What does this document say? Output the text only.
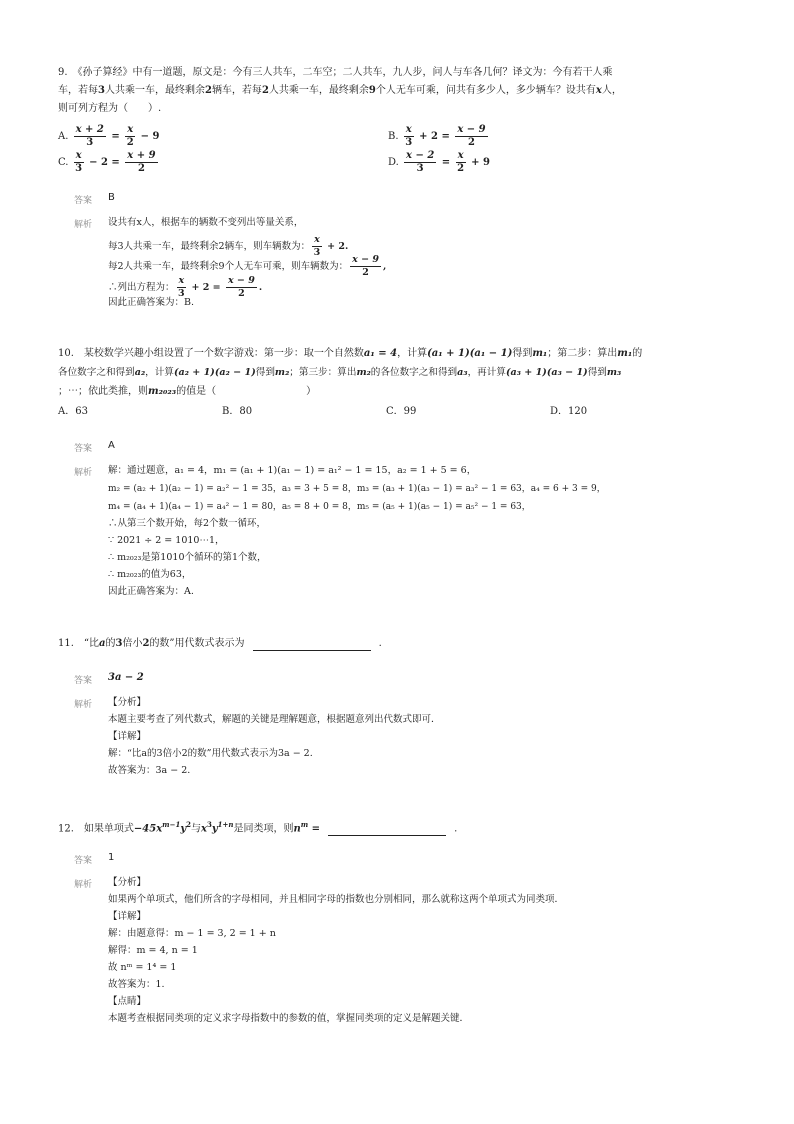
9.　《孙子算经》中有一道题，原文是：今有三人共车，二车空；二人共车，九人步，问人与车各几何？译文为：今有若干人乘
车，若每3人共乘一车，最终剩余2辆车，若每2人共乘一车，最终剩余9个人无车可乘，问共有多少人，多少辆车？设共有x人，
则可列方程为（　　）.
A. $\frac{x + 2}{3} = \frac{x}{2} - 9$	B. $\frac{x}{3} + 2 = \frac{x - 9}{2}$
C. $\frac{x}{3} - 2 = \frac{x + 9}{2}$	D. $\frac{x - 2}{3} = \frac{x}{2} + 9$
答案 B
解析 设共有x人，根据车的辆数不变列出等量关系，
每3人共乘一车，最终剩余2辆车，则车辆数为： $\frac{x}{3} + 2$.
每2人共乘一车，最终剩余9个人无车可乘，则车辆数为： $\frac{x - 9}{2}$ ,
∴列出方程为： $\frac{x}{3} + 2 = \frac{x - 9}{2}$ .
因此正确答案为：B.
10.　某校数学兴趣小组设置了一个数字游戏：第一步：取一个自然数a₁ = 4，计算(a₁ + 1)(a₁ − 1)得到m₁；第二步：算出m₁的
各位数字之和得到a₂，计算(a₂ + 1)(a₂ − 1)得到m₂；第三步：算出m₂的各位数字之和得到a₃，再计算(a₃ + 1)(a₃ − 1)得到m₃
；⋯；依此类推，则m₂₀₂₃的值是（　　　　　　　　　）
A．63	B．80	C．99	D．120
答案 A
解析 解：通过题意，a₁ = 4，m₁ = (a₁ + 1)(a₁ − 1) = a₁² − 1 = 15，a₂ = 1 + 5 = 6，
m₂ = (a₂ + 1)(a₂ − 1) = a₂² − 1 = 35，a₃ = 3 + 5 = 8，m₃ = (a₃ + 1)(a₃ − 1) = a₃² − 1 = 63，a₄ = 6 + 3 = 9，
m₄ = (a₄ + 1)(a₄ − 1) = a₄² − 1 = 80，a₅ = 8 + 0 = 8，m₅ = (a₅ + 1)(a₅ − 1) = a₅² − 1 = 63，
∴从第三个数开始，每2个数一循环，
∵ 2021 ÷ 2 = 1010⋯1，
∴ m₂₀₂₃是第1010个循环的第1个数，
∴ m₂₀₂₃的值为63，
因此正确答案为：A.
11.　“比a的3倍小2的数”用代数式表示为	.
答案 3a − 2
解析 【分析】
本题主要考查了列代数式，解题的关键是理解题意，根据题意列出代数式即可．
【详解】
解：“比a的3倍小2的数”用代数式表示为3a − 2.
故答案为：3a − 2.
12.　如果单项式$-45x^{m-1}y^2$与$x^3y^{1+n}$是同类项，则$n^m$ =	.
答案 1
解析 【分析】
如果两个单项式，他们所含的字母相同，并且相同字母的指数也分别相同，那么就称这两个单项式为同类项．
【详解】
解：由题意得：m − 1 = 3, 2 = 1 + n
解得：m = 4, n = 1
故 nᵐ = 1⁴ = 1
故答案为：1.
【点睛】
本题考查根据同类项的定义求字母指数中的参数的值，掌握同类项的定义是解题关键．
